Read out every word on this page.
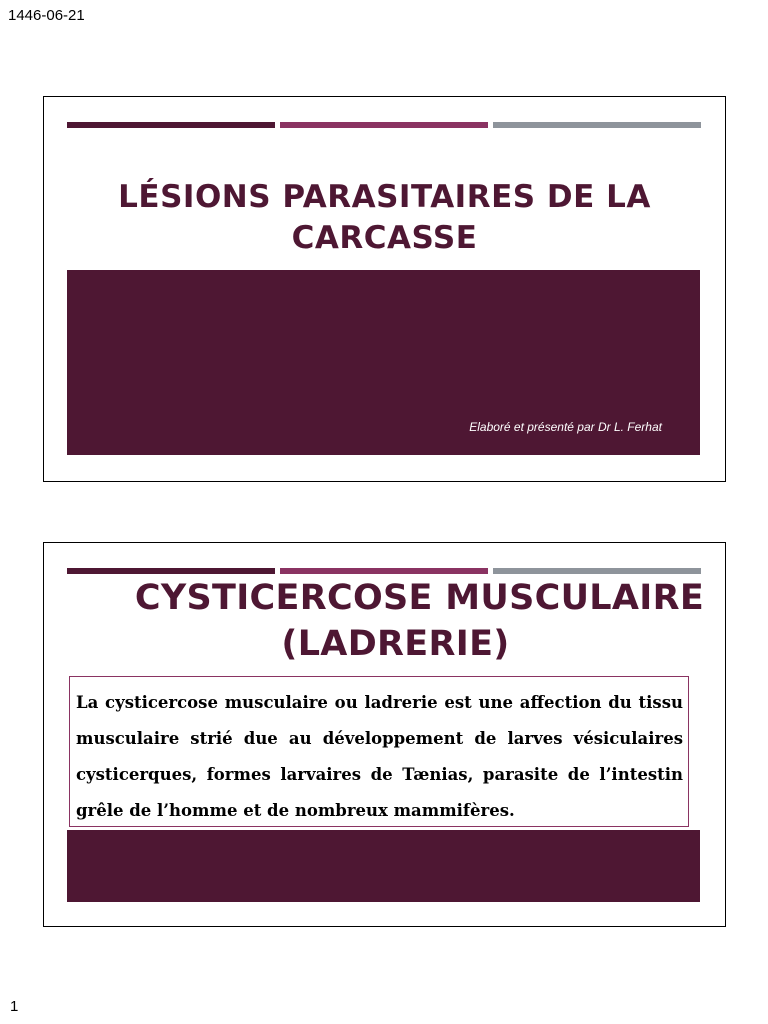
1446-06-21
LÉSIONS PARASITAIRES DE LA CARCASSE
Elaboré et présenté par Dr L. Ferhat
CYSTICERCOSE MUSCULAIRE
(LADRERIE)

La cysticercose musculaire ou ladrerie est une affection du tissu musculaire strié due au développement de larves vésiculaires cysticerques, formes larvaires de Tænias, parasite de l’intestin grêle de l’homme et de nombreux mammifères.

1
